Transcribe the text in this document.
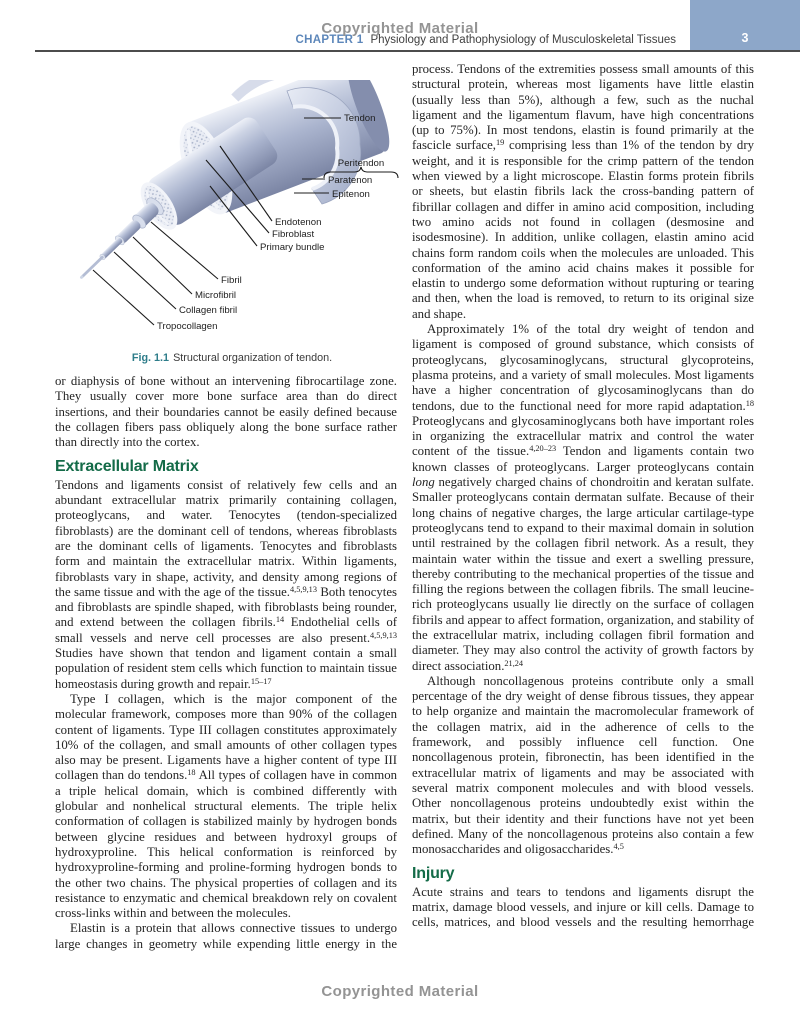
Copyrighted Material
CHAPTER 1 Physiology and Pathophysiology of Musculoskeletal Tissues	3
Tendon
Peritendon
Paratenon
Epitenon
Endotenon
Fibroblast
Primary bundle
Fibril
Microfibril
Collagen fibril
Tropocollagen
Fig. 1.1 Structural organization of tendon.

or diaphysis of bone without an intervening fibrocartilage zone. They usually cover more bone surface area than do direct insertions, and their boundaries cannot be easily defined because the collagen fibers pass obliquely along the bone surface rather than directly into the cortex.

Extracellular Matrix

Tendons and ligaments consist of relatively few cells and an abundant extracellular matrix primarily containing collagen, proteoglycans, and water. Tenocytes (tendon-specialized fibroblasts) are the dominant cell of tendons, whereas fibroblasts are the dominant cells of ligaments. Tenocytes and fibroblasts form and maintain the extracellular matrix. Within ligaments, fibroblasts vary in shape, activity, and density among regions of the same tissue and with the age of the tissue.$^{4,5,9,13}$ Both tenocytes and fibroblasts are spindle shaped, with fibroblasts being rounder, and extend between the collagen fibrils.$^{14}$ Endothelial cells of small vessels and nerve cell processes are also present.$^{4,5,9,13}$ Studies have shown that tendon and ligament contain a small population of resident stem cells which function to maintain tissue homeostasis during growth and repair.$^{15-17}$

Type I collagen, which is the major component of the molecular framework, composes more than 90% of the collagen content of ligaments. Type III collagen constitutes approximately 10% of the collagen, and small amounts of other collagen types also may be present. Ligaments have a higher content of type III collagen than do tendons.$^{18}$ All types of collagen have in common a triple helical domain, which is combined differently with globular and nonhelical structural elements. The triple helix conformation of collagen is stabilized mainly by hydrogen bonds between glycine residues and between hydroxyl groups of hydroxyproline. This helical conformation is reinforced by hydroxyproline-forming and proline-forming hydrogen bonds to the other two chains. The physical properties of collagen and its resistance to enzymatic and chemical breakdown rely on covalent cross-links within and between the molecules.

Elastin is a protein that allows connective tissues to undergo large changes in geometry while expending little energy in the

process. Tendons of the extremities possess small amounts of this structural protein, whereas most ligaments have little elastin (usually less than 5%), although a few, such as the nuchal ligament and the ligamentum flavum, have high concentrations (up to 75%). In most tendons, elastin is found primarily at the fascicle surface,$^{19}$ comprising less than 1% of the tendon by dry weight, and it is responsible for the crimp pattern of the tendon when viewed by a light microscope. Elastin forms protein fibrils or sheets, but elastin fibrils lack the cross-banding pattern of fibrillar collagen and differ in amino acid composition, including two amino acids not found in collagen (desmosine and isodesmosine). In addition, unlike collagen, elastin amino acid chains form random coils when the molecules are unloaded. This conformation of the amino acid chains makes it possible for elastin to undergo some deformation without rupturing or tearing and then, when the load is removed, to return to its original size and shape.

Approximately 1% of the total dry weight of tendon and ligament is composed of ground substance, which consists of proteoglycans, glycosaminoglycans, structural glycoproteins, plasma proteins, and a variety of small molecules. Most ligaments have a higher concentration of glycosaminoglycans than do tendons, due to the functional need for more rapid adaptation.$^{18}$ Proteoglycans and glycosaminoglycans both have important roles in organizing the extracellular matrix and control the water content of the tissue.$^{4,20-23}$ Tendon and ligaments contain two known classes of proteoglycans. Larger proteoglycans contain long negatively charged chains of chondroitin and keratan sulfate. Smaller proteoglycans contain dermatan sulfate. Because of their long chains of negative charges, the large articular cartilage-type proteoglycans tend to expand to their maximal domain in solution until restrained by the collagen fibril network. As a result, they maintain water within the tissue and exert a swelling pressure, thereby contributing to the mechanical properties of the tissue and filling the regions between the collagen fibrils. The small leucine-rich proteoglycans usually lie directly on the surface of collagen fibrils and appear to affect formation, organization, and stability of the extracellular matrix, including collagen fibril formation and diameter. They may also control the activity of growth factors by direct association.$^{21,24}$

Although noncollagenous proteins contribute only a small percentage of the dry weight of dense fibrous tissues, they appear to help organize and maintain the macromolecular framework of the collagen matrix, aid in the adherence of cells to the framework, and possibly influence cell function. One noncollagenous protein, fibronectin, has been identified in the extracellular matrix of ligaments and may be associated with several matrix component molecules and with blood vessels. Other noncollagenous proteins undoubtedly exist within the matrix, but their identity and their functions have not yet been defined. Many of the noncollagenous proteins also contain a few monosaccharides and oligosaccharides.$^{4,5}$

Injury

Acute strains and tears to tendons and ligaments disrupt the matrix, damage blood vessels, and injure or kill cells. Damage to cells, matrices, and blood vessels and the resulting hemorrhage

Copyrighted Material
